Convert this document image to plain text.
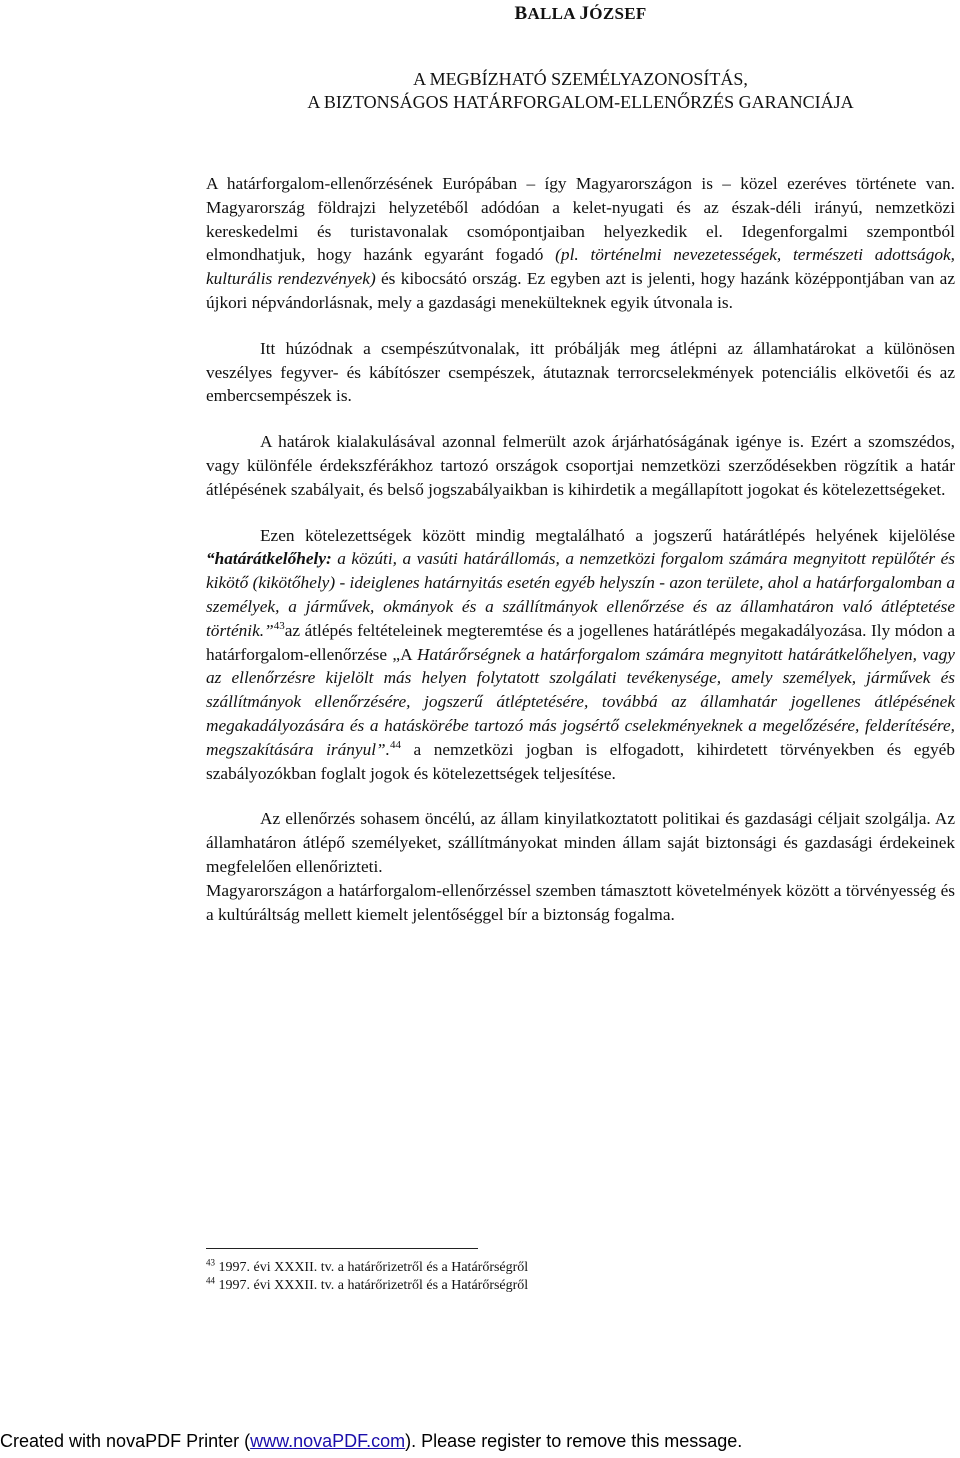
BALLA JÓZSEF
A MEGBÍZHATÓ SZEMÉLYAZONOSÍTÁS,
A BIZTONSÁGOS HATÁRFORGALOM-ELLENŐRZÉS GARANCIÁJA

A határforgalom-ellenőrzésének Európában – így Magyarországon is – közel ezeréves története van. Magyarország földrajzi helyzetéből adódóan a kelet-nyugati és az észak-déli irányú, nemzetközi kereskedelmi és turistavonalak csomópontjaiban helyezkedik el. Idegenforgalmi szempontból elmondhatjuk, hogy hazánk egyaránt fogadó (pl. történelmi nevezetességek, természeti adottságok, kulturális rendezvények) és kibocsátó ország. Ez egyben azt is jelenti, hogy hazánk középpontjában van az újkori népvándorlásnak, mely a gazdasági menekülteknek egyik útvonala is.

Itt húzódnak a csempészútvonalak, itt próbálják meg átlépni az államhatárokat a különösen veszélyes fegyver- és kábítószer csempészek, átutaznak terrorcselekmények potenciális elkövetői és az embercsempészek is.

A határok kialakulásával azonnal felmerült azok árjárhatóságának igénye is. Ezért a szomszédos, vagy különféle érdekszférákhoz tartozó országok csoportjai nemzetközi szerződésekben rögzítik a határ átlépésének szabályait, és belső jogszabályaikban is kihirdetik a megállapított jogokat és kötelezettségeket.

Ezen kötelezettségek között mindig megtalálható a jogszerű határátlépés helyének kijelölése “határátkelőhely: a közúti, a vasúti határállomás, a nemzetközi forgalom számára megnyitott repülőtér és kikötő (kikötőhely) - ideiglenes határnyitás esetén egyéb helyszín - azon területe, ahol a határforgalomban a személyek, a járművek, okmányok és a szállítmányok ellenőrzése és az államhatáron való átléptetése történik.”$^{43}$az átlépés feltételeinek megteremtése és a jogellenes határátlépés megakadályozása. Ily módon a határforgalom-ellenőrzése „A Határőrségnek a határforgalom számára megnyitott határátkelőhelyen, vagy az ellenőrzésre kijelölt más helyen folytatott szolgálati tevékenysége, amely személyek, járművek és szállítmányok ellenőrzésére, jogszerű átléptetésére, továbbá az államhatár jogellenes átlépésének megakadályozására és a hatáskörébe tartozó más jogsértő cselekményeknek a megelőzésére, felderítésére, megszakítására irányul”.$^{44}$ a nemzetközi jogban is elfogadott, kihirdetett törvényekben és egyéb szabályozókban foglalt jogok és kötelezettségek teljesítése.

Az ellenőrzés sohasem öncélú, az állam kinyilatkoztatott politikai és gazdasági céljait szolgálja. Az államhatáron átlépő személyeket, szállítmányokat minden állam saját biztonsági és gazdasági érdekeinek megfelelően ellenőrizteti.

Magyarországon a határforgalom-ellenőrzéssel szemben támasztott követelmények között a törvényesség és a kultúráltság mellett kiemelt jelentőséggel bír a biztonság fogalma.

$^{43}$ 1997. évi XXXII. tv. a határőrizetről és a Határőrségről

$^{44}$ 1997. évi XXXII. tv. a határőrizetről és a Határőrségről

Created with novaPDF Printer (www.novaPDF.com). Please register to remove this message.
